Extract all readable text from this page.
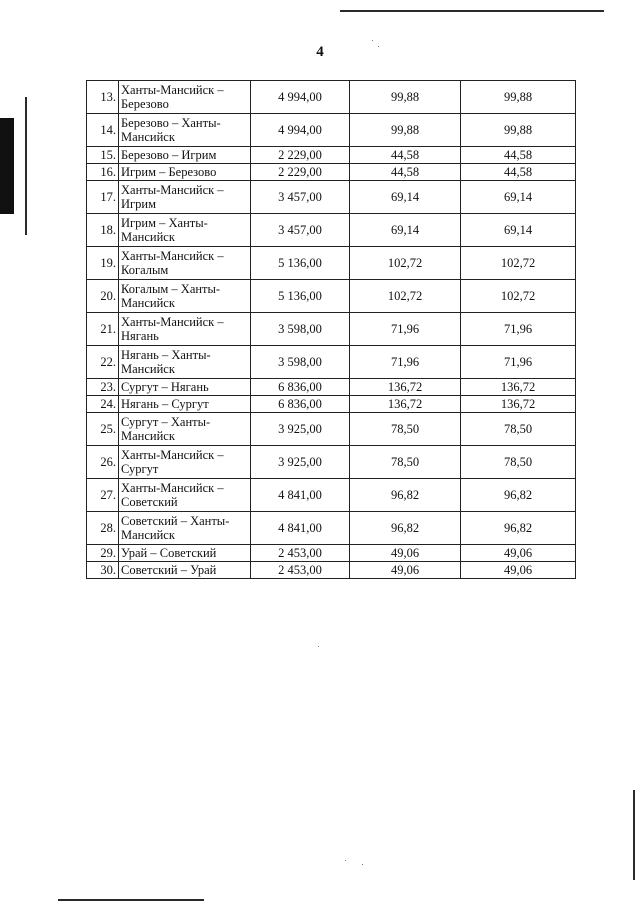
4
13.	Ханты-Мансийск – Березово	4 994,00	99,88	99,88
14.	Березово – Ханты-Мансийск	4 994,00	99,88	99,88
15.	Березово – Игрим	2 229,00	44,58	44,58
16.	Игрим – Березово	2 229,00	44,58	44,58
17.	Ханты-Мансийск – Игрим	3 457,00	69,14	69,14
18.	Игрим – Ханты-Мансийск	3 457,00	69,14	69,14
19.	Ханты-Мансийск – Когалым	5 136,00	102,72	102,72
20.	Когалым – Ханты-Мансийск	5 136,00	102,72	102,72
21.	Ханты-Мансийск – Нягань	3 598,00	71,96	71,96
22.	Нягань – Ханты-Мансийск	3 598,00	71,96	71,96
23.	Сургут – Нягань	6 836,00	136,72	136,72
24.	Нягань – Сургут	6 836,00	136,72	136,72
25.	Сургут – Ханты-Мансийск	3 925,00	78,50	78,50
26.	Ханты-Мансийск – Сургут	3 925,00	78,50	78,50
27.	Ханты-Мансийск – Советский	4 841,00	96,82	96,82
28.	Советский – Ханты-Мансийск	4 841,00	96,82	96,82
29.	Урай – Советский	2 453,00	49,06	49,06
30.	Советский – Урай	2 453,00	49,06	49,06
